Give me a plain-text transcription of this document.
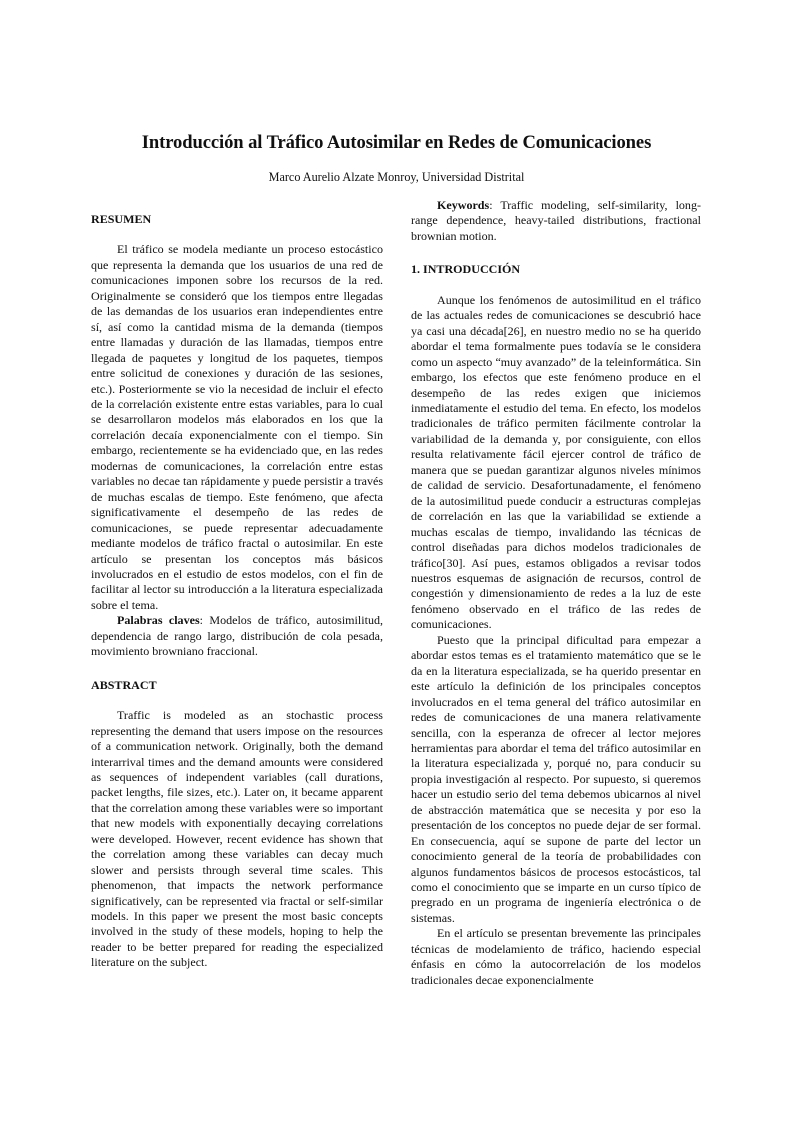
Introducción al Tráfico Autosimilar en Redes de Comunicaciones
Marco Aurelio Alzate Monroy, Universidad Distrital
RESUMEN

El tráfico se modela mediante un proceso estocástico que representa la demanda que los usuarios de una red de comunicaciones imponen sobre los recursos de la red. Originalmente se consideró que los tiempos entre llegadas de las demandas de los usuarios eran independientes entre sí, así como la cantidad misma de la demanda (tiempos entre llamadas y duración de las llamadas, tiempos entre llegada de paquetes y longitud de los paquetes, tiempos entre solicitud de conexiones y duración de las sesiones, etc.). Posteriormente se vio la necesidad de incluir el efecto de la correlación existente entre estas variables, para lo cual se desarrollaron modelos más elaborados en los que la correlación decaía exponencialmente con el tiempo. Sin embargo, recientemente se ha evidenciado que, en las redes modernas de comunicaciones, la correlación entre estas variables no decae tan rápidamente y puede persistir a través de muchas escalas de tiempo. Este fenómeno, que afecta significativamente el desempeño de las redes de comunicaciones, se puede representar adecuadamente mediante modelos de tráfico fractal o autosimilar. En este artículo se presentan los conceptos más básicos involucrados en el estudio de estos modelos, con el fin de facilitar al lector su introducción a la literatura especializada sobre el tema.

Palabras claves: Modelos de tráfico, autosimilitud, dependencia de rango largo, distribución de cola pesada, movimiento browniano fraccional.

ABSTRACT

Traffic is modeled as an stochastic process representing the demand that users impose on the resources of a communication network. Originally, both the demand interarrival times and the demand amounts were considered as sequences of independent variables (call durations, packet lengths, file sizes, etc.). Later on, it became apparent that the correlation among these variables were so important that new models with exponentially decaying correlations were developed. However, recent evidence has shown that the correlation among these variables can decay much slower and persists through several time scales. This phenomenon, that impacts the network performance significatively, can be represented via fractal or self-similar models. In this paper we present the most basic concepts involved in the study of these models, hoping to help the reader to be better prepared for reading the especialized literature on the subject.

Keywords: Traffic modeling, self-similarity, long-range dependence, heavy-tailed distributions, fractional brownian motion.

1. INTRODUCCIÓN

Aunque los fenómenos de autosimilitud en el tráfico de las actuales redes de comunicaciones se descubrió hace ya casi una década[26], en nuestro medio no se ha querido abordar el tema formalmente pues todavía se le considera como un aspecto “muy avanzado” de la teleinformática. Sin embargo, los efectos que este fenómeno produce en el desempeño de las redes exigen que iniciemos inmediatamente el estudio del tema. En efecto, los modelos tradicionales de tráfico permiten fácilmente controlar la variabilidad de la demanda y, por consiguiente, con ellos resulta relativamente fácil ejercer control de tráfico de manera que se puedan garantizar algunos niveles mínimos de calidad de servicio. Desafortunadamente, el fenómeno de la autosimilitud puede conducir a estructuras complejas de correlación en las que la variabilidad se extiende a muchas escalas de tiempo, invalidando las técnicas de control diseñadas para dichos modelos tradicionales de tráfico[30]. Así pues, estamos obligados a revisar todos nuestros esquemas de asignación de recursos, control de congestión y dimensionamiento de redes a la luz de este fenómeno observado en el tráfico de las redes de comunicaciones.

Puesto que la principal dificultad para empezar a abordar estos temas es el tratamiento matemático que se le da en la literatura especializada, se ha querido presentar en este artículo la definición de los principales conceptos involucrados en el tema general del tráfico autosimilar en redes de comunicaciones de una manera relativamente sencilla, con la esperanza de ofrecer al lector mejores herramientas para abordar el tema del tráfico autosimilar en la literatura especializada y, porqué no, para conducir su propia investigación al respecto. Por supuesto, si queremos hacer un estudio serio del tema debemos ubicarnos al nivel de abstracción matemática que se necesita y por eso la presentación de los conceptos no puede dejar de ser formal. En consecuencia, aquí se supone de parte del lector un conocimiento general de la teoría de probabilidades con algunos fundamentos básicos de procesos estocásticos, tal como el conocimiento que se imparte en un curso típico de pregrado en un programa de ingeniería electrónica o de sistemas.

En el artículo se presentan brevemente las principales técnicas de modelamiento de tráfico, haciendo especial énfasis en cómo la autocorrelación de los modelos tradicionales decae exponencialmente
